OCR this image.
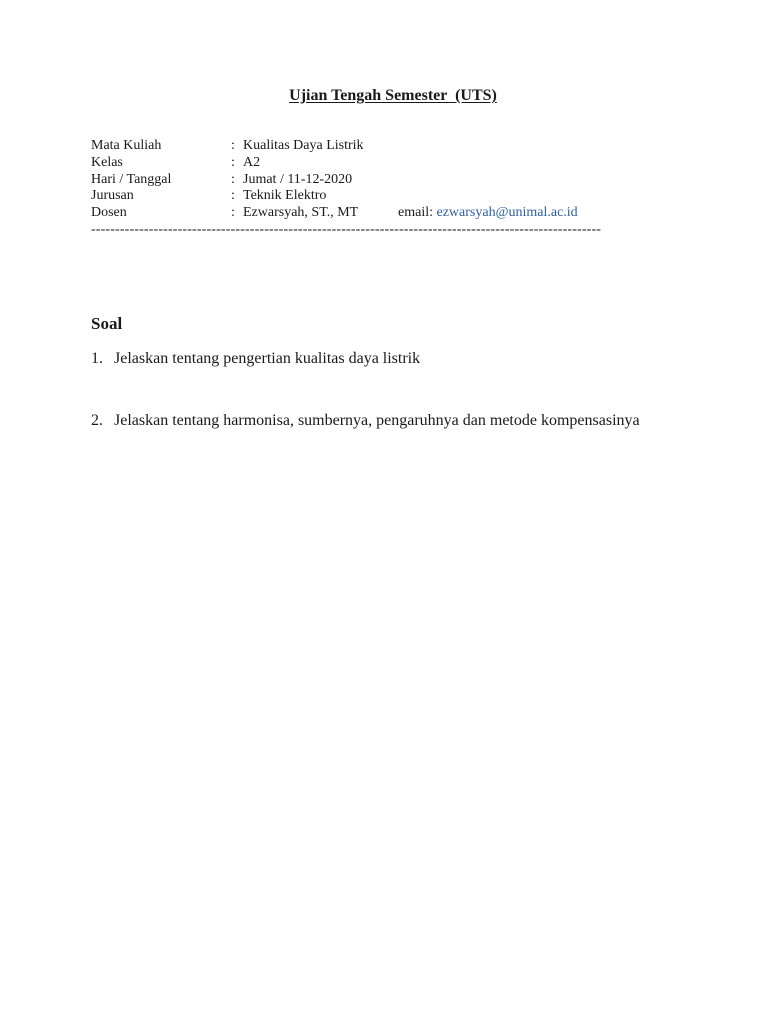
Ujian Tengah Semester  (UTS)
Mata Kuliah	: Kualitas Daya Listrik
Kelas	: A2
Hari / Tanggal	: Jumat / 11-12-2020
Jurusan	: Teknik Elektro
Dosen	: Ezwarsyah, ST., MT	email: ezwarsyah@unimal.ac.id
----------------------------------------------------------------------------------------------------------
Soal
1. Jelaskan tentang pengertian kualitas daya listrik
2. Jelaskan tentang harmonisa, sumbernya, pengaruhnya dan metode kompensasinya
